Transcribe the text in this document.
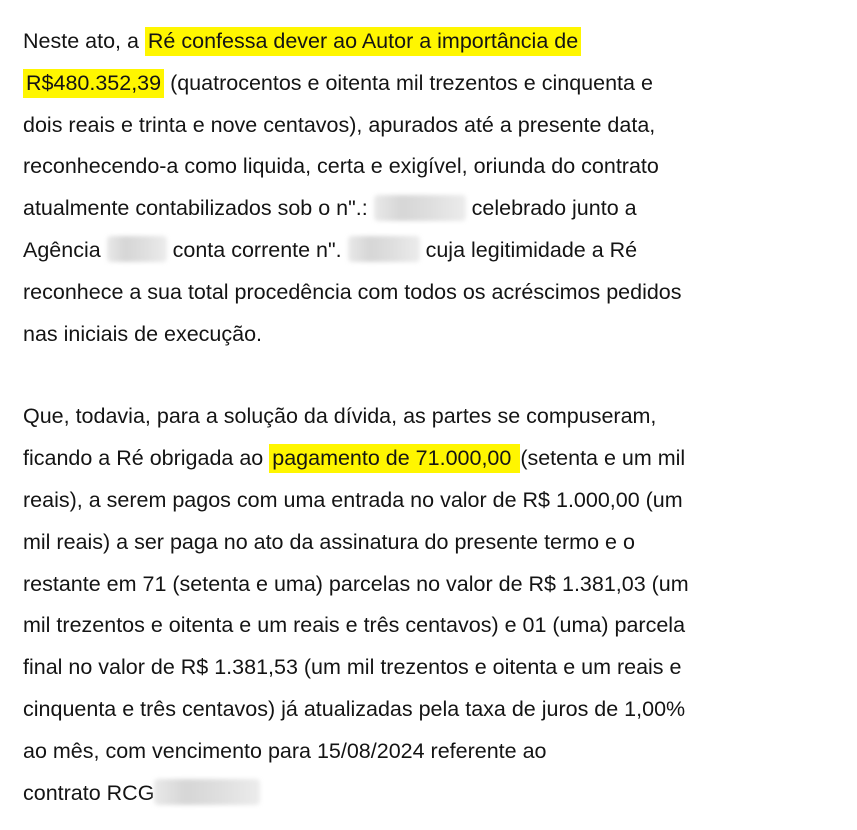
Neste ato, a Ré confessa dever ao Autor a importância de
R$480.352,39 (quatrocentos e oitenta mil trezentos e cinquenta e
dois reais e trinta e nove centavos), apurados até a presente data,
reconhecendo-a como liquida, certa e exigível, oriunda do contrato
atualmente contabilizados sob o n".:	celebrado junto a
Agência	conta corrente n".	cuja legitimidade a Ré
reconhece a sua total procedência com todos os acréscimos pedidos
nas iniciais de execução.

Que, todavia, para a solução da dívida, as partes se compuseram,
ficando a Ré obrigada ao pagamento de 71.000,00 (setenta e um mil
reais), a serem pagos com uma entrada no valor de R$ 1.000,00 (um
mil reais) a ser paga no ato da assinatura do presente termo e o
restante em 71 (setenta e uma) parcelas no valor de R$ 1.381,03 (um
mil trezentos e oitenta e um reais e três centavos) e 01 (uma) parcela
final no valor de R$ 1.381,53 (um mil trezentos e oitenta e um reais e
cinquenta e três centavos) já atualizadas pela taxa de juros de 1,00%
ao mês, com vencimento para 15/08/2024 referente ao
contrato RCG
